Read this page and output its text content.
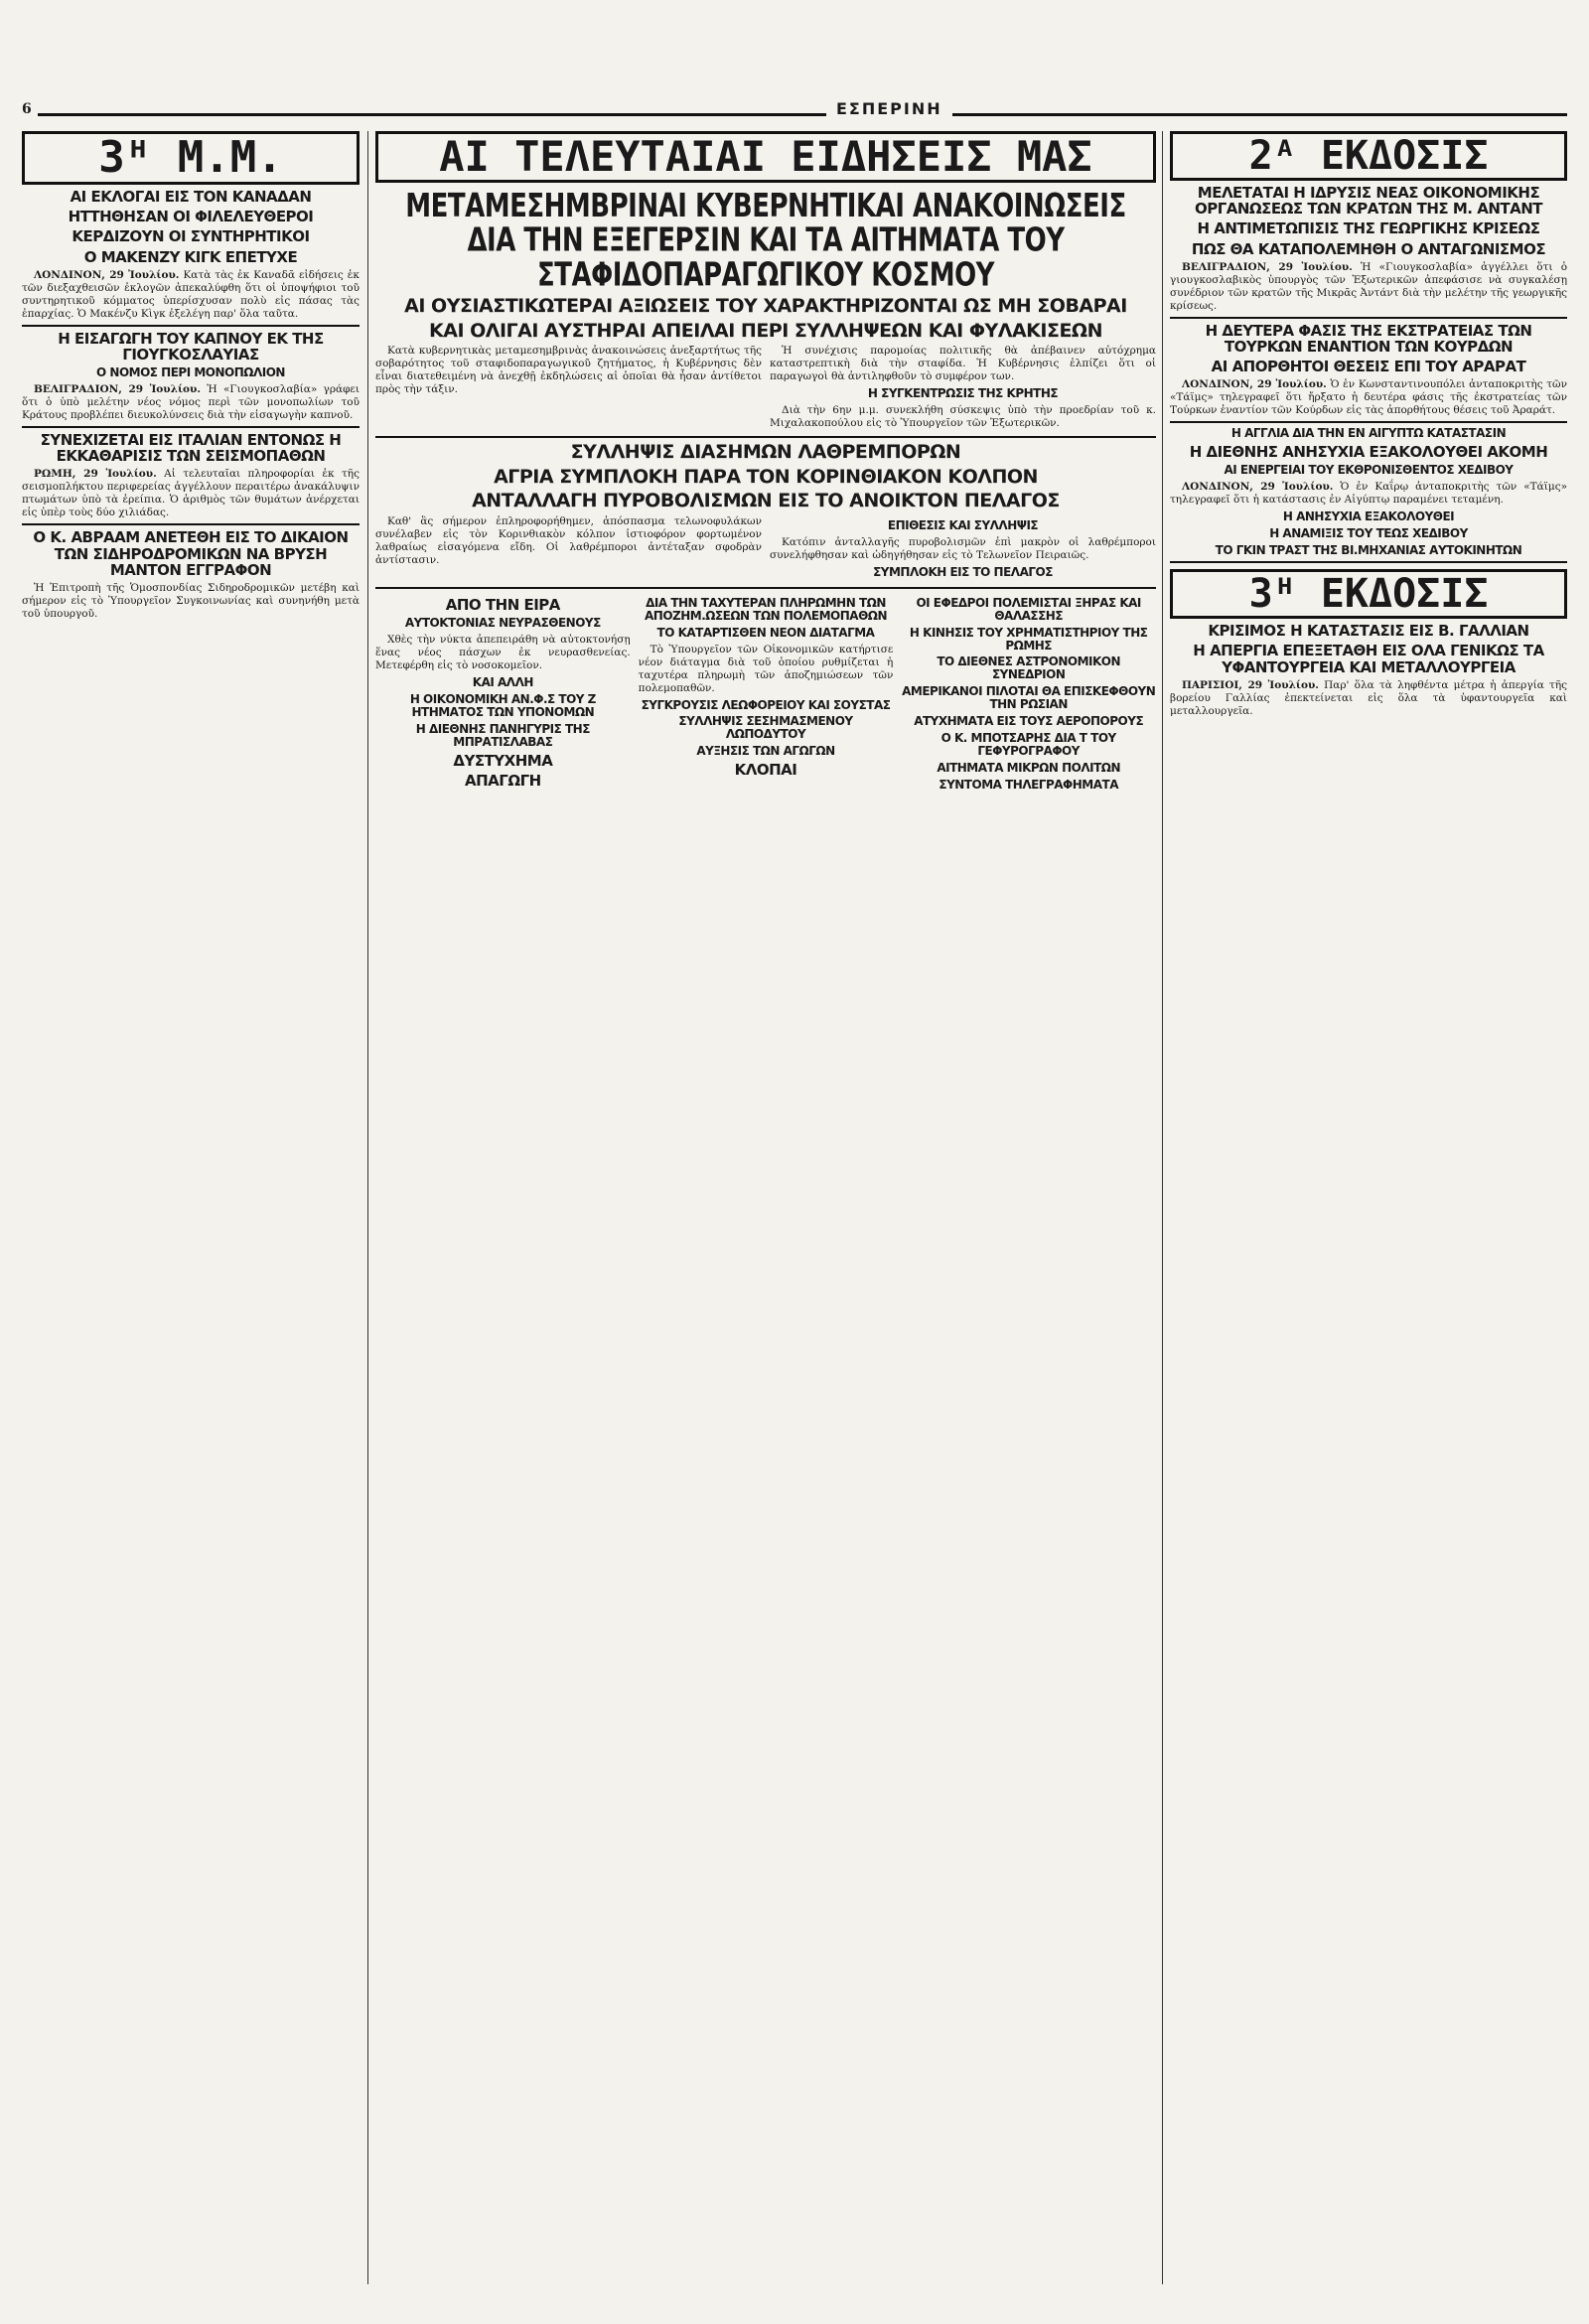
6	ΕΣΠΕΡΙΝΗ
3ᴴ Μ.Μ.
ΑΙ ΕΚΛΟΓΑΙ ΕΙΣ ΤΟΝ ΚΑΝΑΔΑΝ
ΗΤΤΗΘΗΣΑΝ ΟΙ ΦΙΛΕΛΕΥΘΕΡΟΙ
ΚΕΡΔΙΖΟΥΝ ΟΙ ΣΥΝΤΗΡΗΤΙΚΟΙ
Ο ΜΑΚΕΝΖΥ ΚΙΓΚ ΕΠΕΤΥΧΕ

ΛΟΝΔΙΝΟΝ, 29 Ἰουλίου. Κατὰ τὰς ἐκ Καναδᾶ εἰδήσεις ἐκ τῶν διεξαχθεισῶν ἐκλογῶν ἀπεκαλύφθη ὅτι οἱ ὑποψήφιοι τοῦ συντηρητικοῦ κόμματος ὑπερίσχυσαν πολὺ εἰς πάσας τὰς ἐπαρχίας. Ὁ Μακένζυ Κὶγκ ἐξελέγη παρ' ὅλα ταῦτα.

Η ΕΙΣΑΓΩΓΗ ΤΟΥ ΚΑΠΝΟΥ ΕΚ ΤΗΣ ΓΙΟΥΓΚΟΣΛΑΥΙΑΣ
Ο ΝΟΜΟΣ ΠΕΡΙ ΜΟΝΟΠΩΛΙΟΝ

ΒΕΛΙΓΡΑΔΙΟΝ, 29 Ἰουλίου. Ἡ «Γιουγκοσλαβία» γράφει ὅτι ὁ ὑπὸ μελέτην νέος νόμος περὶ τῶν μονοπωλίων τοῦ Κράτους προβλέπει διευκολύνσεις διὰ τὴν εἰσαγωγὴν καπνοῦ.

ΣΥΝΕΧΙΖΕΤΑΙ ΕΙΣ ΙΤΑΛΙΑΝ ΕΝΤΟΝΩΣ Η ΕΚΚΑΘΑΡΙΣΙΣ ΤΩΝ ΣΕΙΣΜΟΠΑΘΩΝ

ΡΩΜΗ, 29 Ἰουλίου. Αἱ τελευταῖαι πληροφορίαι ἐκ τῆς σεισμοπλήκτου περιφερείας ἀγγέλλουν περαιτέρω ἀνακάλυψιν πτωμάτων ὑπὸ τὰ ἐρείπια. Ὁ ἀριθμὸς τῶν θυμάτων ἀνέρχεται εἰς ὑπὲρ τοὺς δύο χιλιάδας.

Ο Κ. ΑΒΡΑΑΜ ΑΝΕΤΕΘΗ ΕΙΣ ΤΟ ΔΙΚΑΙΟΝ ΤΩΝ ΣΙΔΗΡΟΔΡΟΜΙΚΩΝ ΝΑ ΒΡΥΣΗ ΜΑΝΤΟΝ ΕΓΓΡΑΦΟΝ

Ἡ Ἐπιτροπὴ τῆς Ὁμοσπονδίας Σιδηροδρομικῶν μετέβη καὶ σήμερον εἰς τὸ Ὑπουργεῖον Συγκοινωνίας καὶ συνηνήθη μετὰ τοῦ ὑπουργοῦ.

ΑΙ ΤΕΛΕΥΤΑΙΑΙ ΕΙΔΗΣΕΙΣ ΜΑΣ
ΜΕΤΑΜΕΣΗΜΒΡΙΝΑΙ ΚΥΒΕΡΝΗΤΙΚΑΙ ΑΝΑΚΟΙΝΩΣΕΙΣ
ΔΙΑ ΤΗΝ ΕΞΕΓΕΡΣΙΝ ΚΑΙ ΤΑ ΑΙΤΗΜΑΤΑ ΤΟΥ ΣΤΑΦΙΔΟΠΑΡΑΓΩΓΙΚΟΥ ΚΟΣΜΟΥ
ΑΙ ΟΥΣΙΑΣΤΙΚΩΤΕΡΑΙ ΑΞΙΩΣΕΙΣ ΤΟΥ ΧΑΡΑΚΤΗΡΙΖΟΝΤΑΙ ΩΣ ΜΗ ΣΟΒΑΡΑΙ
ΚΑΙ ΟΛΙΓΑΙ ΑΥΣΤΗΡΑΙ ΑΠΕΙΛΑΙ ΠΕΡΙ ΣΥΛΛΗΨΕΩΝ ΚΑΙ ΦΥΛΑΚΙΣΕΩΝ

Κατὰ κυβερνητικὰς μεταμεσημβρινὰς ἀνακοινώσεις ἀνεξαρτήτως τῆς σοβαρότητος τοῦ σταφιδοπαραγωγικοῦ ζητήματος, ἡ Κυβέρνησις δὲν εἶναι διατεθειμένη νὰ ἀνεχθῇ ἐκδηλώσεις αἱ ὁποῖαι θὰ ἦσαν ἀντίθετοι πρὸς τὴν τάξιν.

Ἡ συνέχισις παρομοίας πολιτικῆς θὰ ἀπέβαινεν αὐτόχρημα καταστρεπτικὴ διὰ τὴν σταφίδα. Ἡ Κυβέρνησις ἐλπίζει ὅτι οἱ παραγωγοὶ θὰ ἀντιληφθοῦν τὸ συμφέρον των.

Η ΣΥΓΚΕΝΤΡΩΣΙΣ ΤΗΣ ΚΡΗΤΗΣ

Διὰ τὴν 6ην μ.μ. συνεκλήθη σύσκεψις ὑπὸ τὴν προεδρίαν τοῦ κ. Μιχαλακοπούλου εἰς τὸ Ὑπουργεῖον τῶν Ἐξωτερικῶν.

ΣΥΛΛΗΨΙΣ ΔΙΑΣΗΜΩΝ ΛΑΘΡΕΜΠΟΡΩΝ
ΑΓΡΙΑ ΣΥΜΠΛΟΚΗ ΠΑΡΑ ΤΟΝ ΚΟΡΙΝΘΙΑΚΟΝ ΚΟΛΠΟΝ
ΑΝΤΑΛΛΑΓΗ ΠΥΡΟΒΟΛΙΣΜΩΝ ΕΙΣ ΤΟ ΑΝΟΙΚΤΟΝ ΠΕΛΑΓΟΣ

Καθ' ἃς σήμερον ἐπληροφορήθημεν, ἀπόσπασμα τελωνοφυλάκων συνέλαβεν εἰς τὸν Κορινθιακὸν κόλπον ἰστιοφόρον φορτωμένον λαθραίως εἰσαγόμενα εἴδη. Οἱ λαθρέμποροι ἀντέταξαν σφοδρὰν ἀντίστασιν.

ΕΠΙΘΕΣΙΣ ΚΑΙ ΣΥΛΛΗΨΙΣ

Κατόπιν ἀνταλλαγῆς πυροβολισμῶν ἐπὶ μακρὸν οἱ λαθρέμποροι συνελήφθησαν καὶ ὡδηγήθησαν εἰς τὸ Τελωνεῖον Πειραιῶς.

ΣΥΜΠΛΟΚΗ ΕΙΣ ΤΟ ΠΕΛΑΓΟΣ
ΑΠΟ ΤΗΝ ΕΙΡΑ
ΑΥΤΟΚΤΟΝΙΑΣ ΝΕΥΡΑΣΘΕΝΟΥΣ

Χθὲς τὴν νύκτα ἀπεπειράθη νὰ αὐτοκτονήσῃ ἕνας νέος πάσχων ἐκ νευρασθενείας. Μετεφέρθη εἰς τὸ νοσοκομεῖον.

ΚΑΙ ΑΛΛΗ
Η ΟΙΚΟΝΟΜΙΚΗ ΑΝ.Φ.Σ ΤΟΥ Ζ ΗΤΗΜΑΤΟΣ ΤΩΝ ΥΠΟΝΟΜΩΝ
Η ΔΙΕΘΝΗΣ ΠΑΝΗΓΥΡΙΣ ΤΗΣ ΜΠΡΑΤΙΣΛΑΒΑΣ
ΔΥΣΤΥΧΗΜΑ
ΑΠΑΓΩΓΗ
ΔΙΑ ΤΗΝ ΤΑΧΥΤΕΡΑΝ ΠΛΗΡΩΜΗΝ ΤΩΝ ΑΠΟΖΗΜ.ΩΣΕΩΝ ΤΩΝ ΠΟΛΕΜΟΠΑΘΩΝ
ΤΟ ΚΑΤΑΡΤΙΣΘΕΝ ΝΕΟΝ ΔΙΑΤΑΓΜΑ

Τὸ Ὑπουργεῖον τῶν Οἰκονομικῶν κατήρτισε νέον διάταγμα διὰ τοῦ ὁποίου ρυθμίζεται ἡ ταχυτέρα πληρωμὴ τῶν ἀποζημιώσεων τῶν πολεμοπαθῶν.

ΣΥΓΚΡΟΥΣΙΣ ΛΕΩΦΟΡΕΙΟΥ ΚΑΙ ΣΟΥΣΤΑΣ
ΣΥΛΛΗΨΙΣ ΣΕΣΗΜΑΣΜΕΝΟΥ ΛΩΠΟΔΥΤΟΥ
ΑΥΞΗΣΙΣ ΤΩΝ ΑΓΩΓΩΝ
ΚΛΟΠΑΙ
ΟΙ ΕΦΕΔΡΟΙ ΠΟΛΕΜΙΣΤΑΙ ΞΗΡΑΣ ΚΑΙ ΘΑΛΑΣΣΗΣ
Η ΚΙΝΗΣΙΣ ΤΟΥ ΧΡΗΜΑΤΙΣΤΗΡΙΟΥ ΤΗΣ ΡΩΜΗΣ
ΤΟ ΔΙΕΘΝΕΣ ΑΣΤΡΟΝΟΜΙΚΟΝ ΣΥΝΕΔΡΙΟΝ
ΑΜΕΡΙΚΑΝΟΙ ΠΙΛΟΤΑΙ ΘΑ ΕΠΙΣΚΕΦΘΟΥΝ ΤΗΝ ΡΩΣΙΑΝ
ΑΤΥΧΗΜΑΤΑ ΕΙΣ ΤΟΥΣ ΑΕΡΟΠΟΡΟΥΣ
Ο Κ. ΜΠΟΤΣΑΡΗΣ ΔΙΑ Τ ΤΟΥ ΓΕΦΥΡΟΓΡΑΦΟΥ
ΑΙΤΗΜΑΤΑ ΜΙΚΡΩΝ ΠΟΛΙΤΩΝ
ΣΥΝΤΟΜΑ ΤΗΛΕΓΡΑΦΗΜΑΤΑ
2ᴬ ΕΚΔΟΣΙΣ
ΜΕΛΕΤΑΤΑΙ Η ΙΔΡΥΣΙΣ ΝΕΑΣ ΟΙΚΟΝΟΜΙΚΗΣ ΟΡΓΑΝΩΣΕΩΣ ΤΩΝ ΚΡΑΤΩΝ ΤΗΣ Μ. ΑΝΤΑΝΤ
Η ΑΝΤΙΜΕΤΩΠΙΣΙΣ ΤΗΣ ΓΕΩΡΓΙΚΗΣ ΚΡΙΣΕΩΣ
ΠΩΣ ΘΑ ΚΑΤΑΠΟΛΕΜΗΘΗ Ο ΑΝΤΑΓΩΝΙΣΜΟΣ

ΒΕΛΙΓΡΑΔΙΟΝ, 29 Ἰουλίου. Ἡ «Γιουγκοσλαβία» ἀγγέλλει ὅτι ὁ γιουγκοσλαβικὸς ὑπουργὸς τῶν Ἐξωτερικῶν ἀπεφάσισε νὰ συγκαλέσῃ συνέδριον τῶν κρατῶν τῆς Μικρᾶς Ἀντάντ διὰ τὴν μελέτην τῆς γεωργικῆς κρίσεως.

Η ΔΕΥΤΕΡΑ ΦΑΣΙΣ ΤΗΣ ΕΚΣΤΡΑΤΕΙΑΣ ΤΩΝ ΤΟΥΡΚΩΝ ΕΝΑΝΤΙΟΝ ΤΩΝ ΚΟΥΡΔΩΝ
ΑΙ ΑΠΟΡΘΗΤΟΙ ΘΕΣΕΙΣ ΕΠΙ ΤΟΥ ΑΡΑΡΑΤ

ΛΟΝΔΙΝΟΝ, 29 Ἰουλίου. Ὁ ἐν Κωνσταντινουπόλει ἀνταποκριτὴς τῶν «Τάϊμς» τηλεγραφεῖ ὅτι ἤρξατο ἡ δευτέρα φάσις τῆς ἐκστρατείας τῶν Τούρκων ἐναντίον τῶν Κούρδων εἰς τὰς ἀπορθήτους θέσεις τοῦ Ἀραράτ.

Η ΑΓΓΛΙΑ ΔΙΑ ΤΗΝ ΕΝ ΑΙΓΥΠΤΩ ΚΑΤΑΣΤΑΣΙΝ
Η ΔΙΕΘΝΗΣ ΑΝΗΣΥΧΙΑ ΕΞΑΚΟΛΟΥΘΕΙ ΑΚΟΜΗ
ΑΙ ΕΝΕΡΓΕΙΑΙ ΤΟΥ ΕΚΘΡΟΝΙΣΘΕΝΤΟΣ ΧΕΔΙΒΟΥ

ΛΟΝΔΙΝΟΝ, 29 Ἰουλίου. Ὁ ἐν Καΐρῳ ἀνταποκριτὴς τῶν «Τάϊμς» τηλεγραφεῖ ὅτι ἡ κατάστασις ἐν Αἰγύπτῳ παραμένει τεταμένη.

Η ΑΝΗΣΥΧΙΑ ΕΞΑΚΟΛΟΥΘΕΙ
Η ΑΝΑΜΙΞΙΣ ΤΟΥ ΤΕΩΣ ΧΕΔΙΒΟΥ
ΤΟ ΓΚΙΝ ΤΡΑΣΤ ΤΗΣ ΒΙ.ΜΗΧΑΝΙΑΣ ΑΥΤΟΚΙΝΗΤΩΝ
3ᴴ ΕΚΔΟΣΙΣ
ΚΡΙΣΙΜΟΣ Η ΚΑΤΑΣΤΑΣΙΣ ΕΙΣ Β. ΓΑΛΛΙΑΝ
Η ΑΠΕΡΓΙΑ ΕΠΕΞΕΤΑΘΗ ΕΙΣ ΟΛΑ ΓΕΝΙΚΩΣ ΤΑ ΥΦΑΝΤΟΥΡΓΕΙΑ ΚΑΙ ΜΕΤΑΛΛΟΥΡΓΕΙΑ

ΠΑΡΙΣΙΟΙ, 29 Ἰουλίου. Παρ' ὅλα τὰ ληφθέντα μέτρα ἡ ἀπεργία τῆς βορείου Γαλλίας ἐπεκτείνεται εἰς ὅλα τὰ ὑφαντουργεῖα καὶ μεταλλουργεῖα.
